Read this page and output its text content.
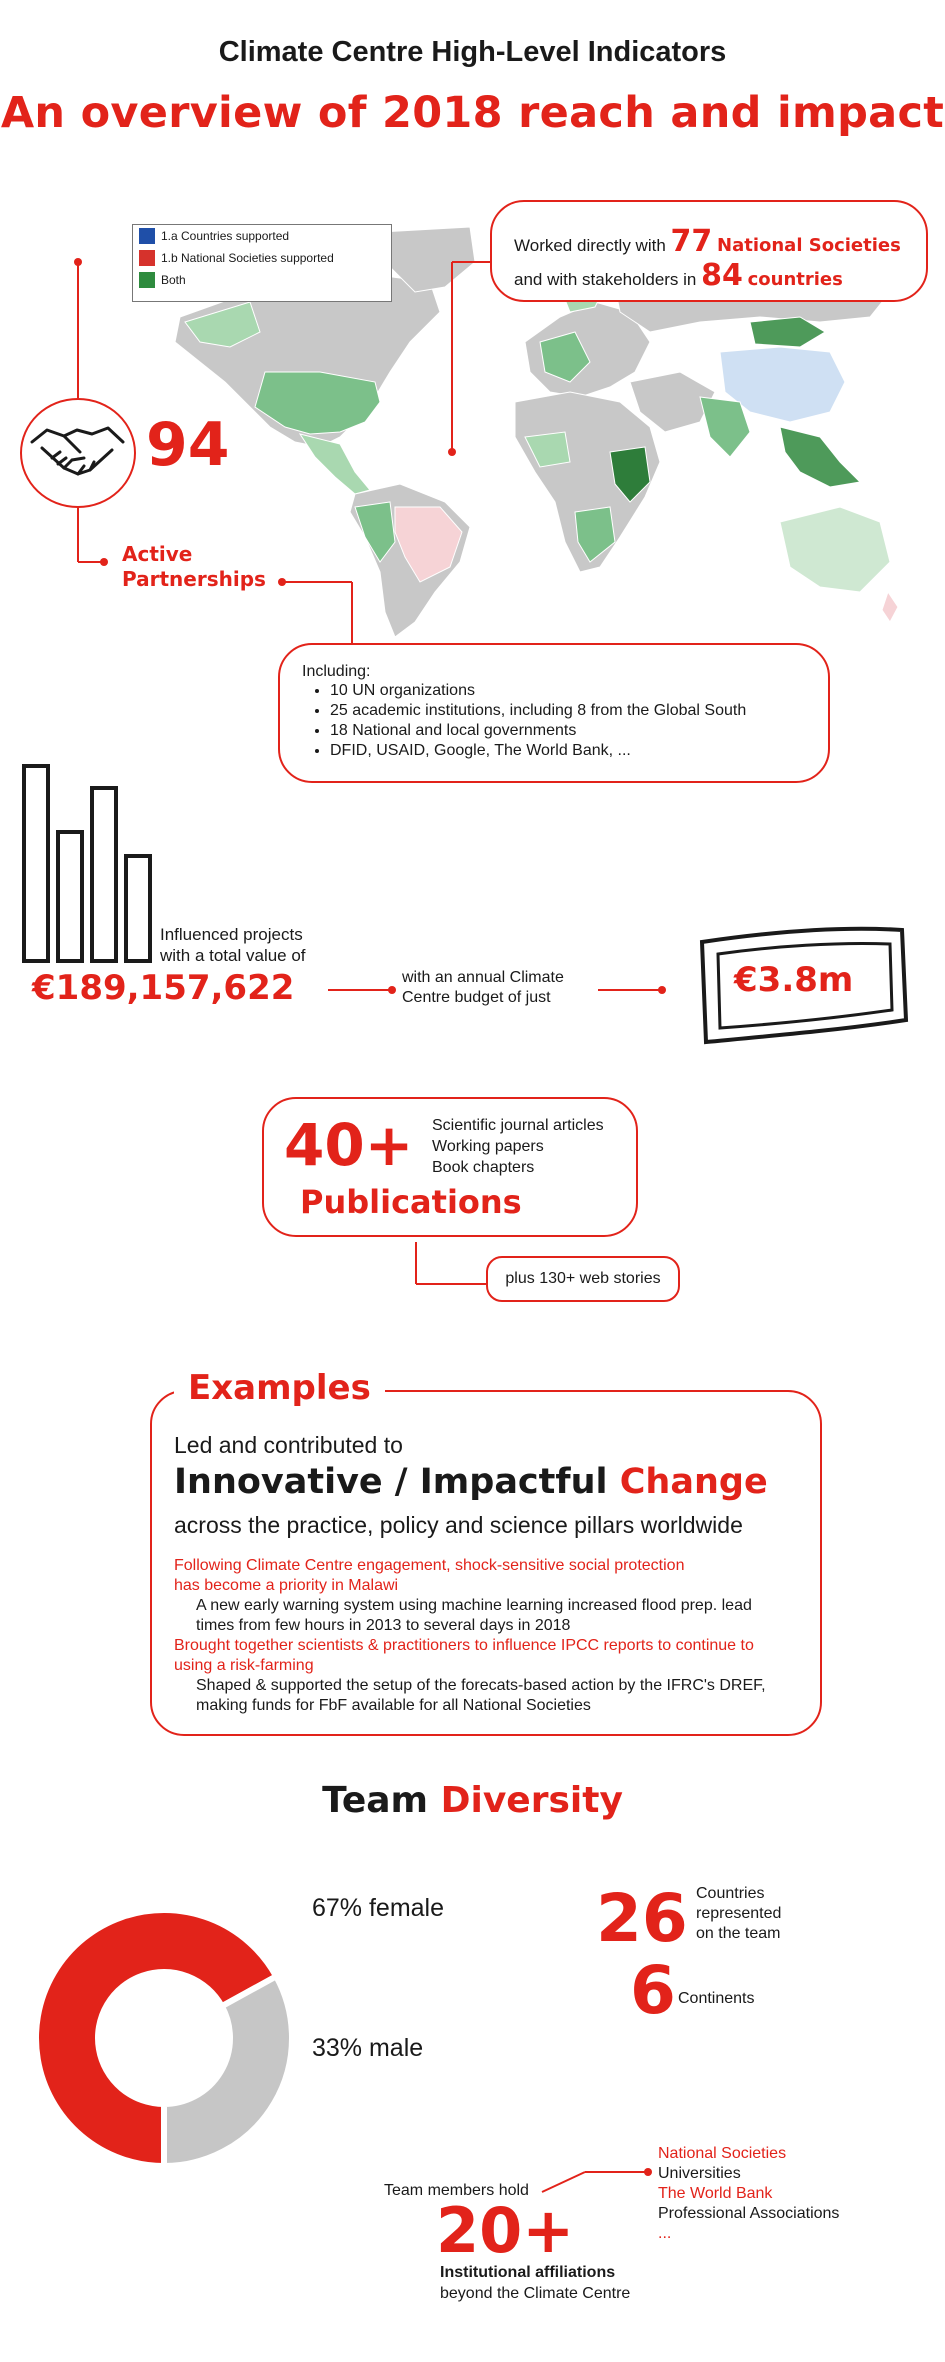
Climate Centre High-Level Indicators
An overview of 2018 reach and impact
1.a Countries supported
1.b National Societies supported
Both
Worked directly with 77 National Societies
and with stakeholders in 84 countries
94
Active
Partnerships
Including:
• 10 UN organizations
• 25 academic institutions, including 8 from the Global South
• 18 National and local governments
• DFID, USAID, Google, The World Bank, ...
Influenced projects
with a total value of
€189,157,622	with an annual Climate
Centre budget of just	€3.8m
40+ Scientific journal articles
Working papers
Book chapters
Publications
plus 130+ web stories
Led and contributed to
Innovative / Impactful Change
across the practice, policy and science pillars worldwide
Following Climate Centre engagement, shock-sensitive social protection
has become a priority in Malawi
A new early warning system using machine learning increased flood prep. lead
times from few hours in 2013 to several days in 2018
Brought together scientists & practitioners to influence IPCC reports to continue to
using a risk-farming
Shaped & supported the setup of the forecats-based action by the IFRC's DREF,
making funds for FbF available for all National Societies
Examples
Team Diversity
67% female
33% male
26 Countries
represented
on the team
6 Continents
Team members hold
20+
Institutional affiliations
beyond the Climate Centre
National Societies
Universities
The World Bank
Professional Associations
...
